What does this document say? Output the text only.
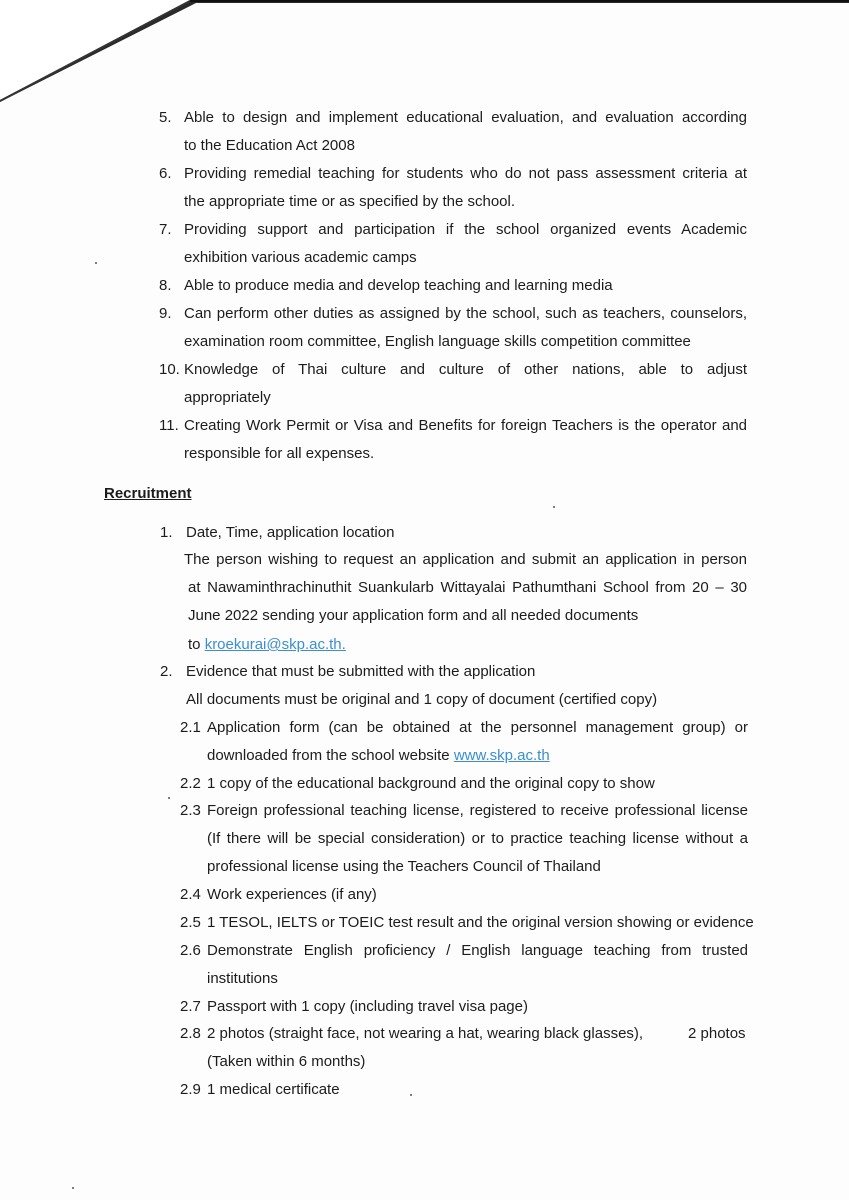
5. Able to design and implement educational evaluation, and evaluation according
to the Education Act 2008
6. Providing remedial teaching for students who do not pass assessment criteria at
the appropriate time or as specified by the school.
7. Providing support and participation if the school organized events Academic
exhibition various academic camps
8. Able to produce media and develop teaching and learning media
9. Can perform other duties as assigned by the school, such as teachers, counselors,
examination room committee, English language skills competition committee
10. Knowledge of Thai culture and culture of other nations, able to adjust
appropriately
11. Creating Work Permit or Visa and Benefits for foreign Teachers is the operator and
responsible for all expenses.
Recruitment
1. Date, Time, application location
The person wishing to request an application and submit an application in person
at Nawaminthrachinuthit Suankularb Wittayalai Pathumthani School from 20 – 30
June 2022 sending your application form and all needed documents
to kroekurai@skp.ac.th.
2. Evidence that must be submitted with the application
All documents must be original and 1 copy of document (certified copy)
2.1 Application form (can be obtained at the personnel management group) or
downloaded from the school website www.skp.ac.th
2.2 1 copy of the educational background and the original copy to show
2.3 Foreign professional teaching license, registered to receive professional license
(If there will be special consideration) or to practice teaching license without a
professional license using the Teachers Council of Thailand
2.4 Work experiences (if any)
2.5 1 TESOL, IELTS or TOEIC test result and the original version showing or evidence
2.6 Demonstrate English proficiency / English language teaching from trusted
institutions
2.7 Passport with 1 copy (including travel visa page)
2.8 2 photos (straight face, not wearing a hat, wearing black glasses),	2 photos
(Taken within 6 months)
2.9 1 medical certificate
